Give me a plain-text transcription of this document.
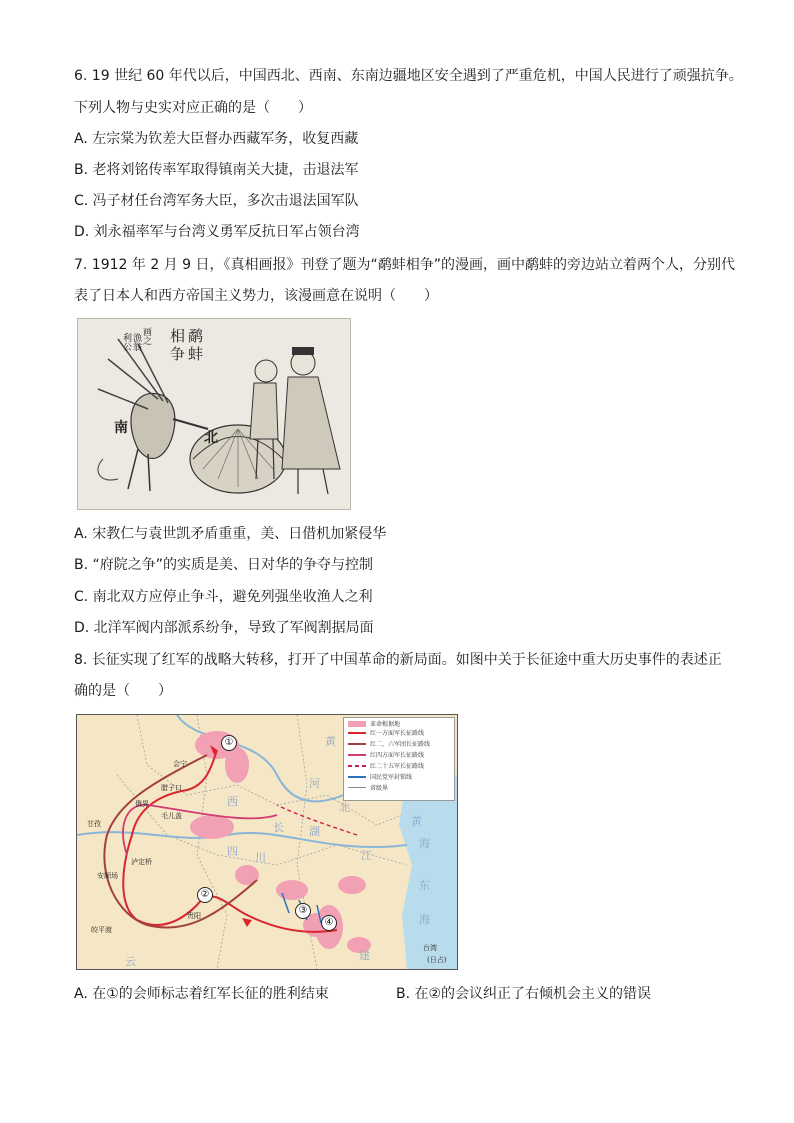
6. 19 世纪 60 年代以后，中国西北、西南、东南边疆地区安全遇到了严重危机，中国人民进行了顽强抗争。
下列人物与史实对应正确的是（　　）
A. 左宗棠为钦差大臣督办西藏军务，收复西藏
B. 老将刘铭传率军取得镇南关大捷，击退法军
C. 冯子材任台湾军务大臣，多次击退法国军队
D. 刘永福率军与台湾义勇军反抗日军占领台湾
7. 1912 年 2 月 9 日，《真相画报》刊登了题为“鹬蚌相争”的漫画，画中鹬蚌的旁边站立着两个人，分别代
表了日本人和西方帝国主义势力，该漫画意在说明（　　）
鹬
蚌
相
争
画之
漁翁
利公
南
北
A. 宋教仁与袁世凯矛盾重重，美、日借机加紧侵华
B. “府院之争”的实质是美、日对华的争夺与控制
C. 南北双方应停止争斗，避免列强坐收渔人之利
D. 北洋军阀内部派系纷争，导致了军阀割据局面
8. 长征实现了红军的战略大转移，打开了中国革命的新局面。如图中关于长征途中重大历史事件的表述正
确的是（　　）
革命根据地
红一方面军长征路线
红二、六军团长征路线
红四方面军长征路线
红二十五军长征路线
国民党军封锁线
省级界
会宁
腊子口
俄界
毛儿盖
甘孜
泸定桥
安顺场
贵阳
皎平渡
台湾
黄
河
西
四 川
湖
北
黄
海
东
海
云	建
长
江
①
②
③
④
(日占)
A. 在①的会师标志着红军长征的胜利结束	B. 在②的会议纠正了右倾机会主义的错误
